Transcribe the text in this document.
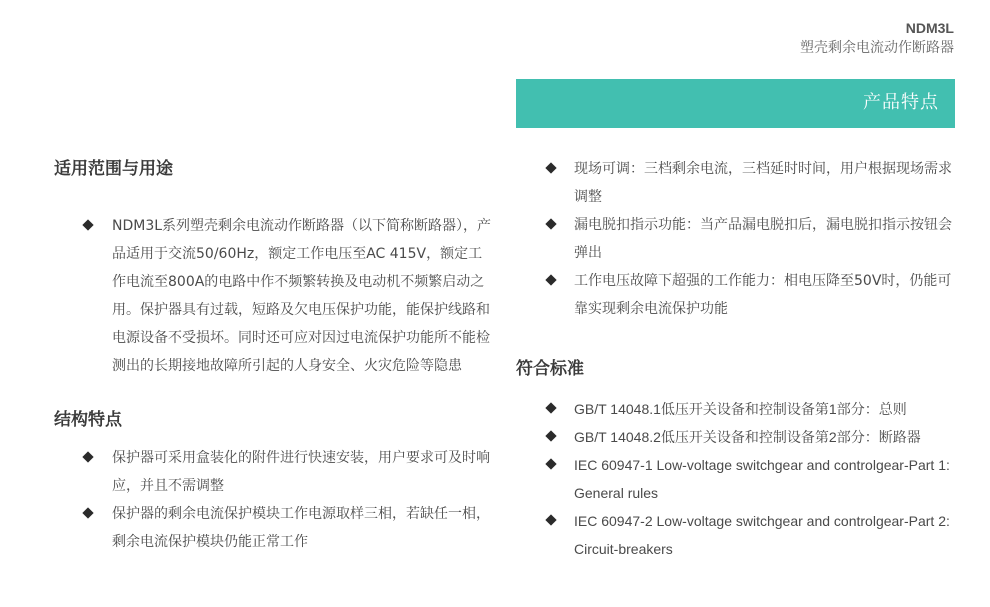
NDM3L
塑壳剩余电流动作断路器
产品特点
适用范围与用途
NDM3L系列塑壳剩余电流动作断路器（以下简称断路器），产品适用于交流50/60Hz，额定工作电压至AC 415V，额定工作电流至800A的电路中作不频繁转换及电动机不频繁启动之用。保护器具有过载，短路及欠电压保护功能，能保护线路和电源设备不受损坏。同时还可应对因过电流保护功能所不能检测出的长期接地故障所引起的人身安全、火灾危险等隐患
结构特点
保护器可采用盒装化的附件进行快速安装，用户要求可及时响应，并且不需调整
保护器的剩余电流保护模块工作电源取样三相，若缺任一相，剩余电流保护模块仍能正常工作
现场可调：三档剩余电流，三档延时时间，用户根据现场需求调整
漏电脱扣指示功能：当产品漏电脱扣后，漏电脱扣指示按钮会弹出
工作电压故障下超强的工作能力：相电压降至50V时，仍能可靠实现剩余电流保护功能
符合标准
GB/T 14048.1低压开关设备和控制设备第1部分：总则
GB/T 14048.2低压开关设备和控制设备第2部分：断路器
IEC 60947-1 Low-voltage switchgear and controlgear-Part 1: General rules
IEC 60947-2 Low-voltage switchgear and controlgear-Part 2: Circuit-breakers
